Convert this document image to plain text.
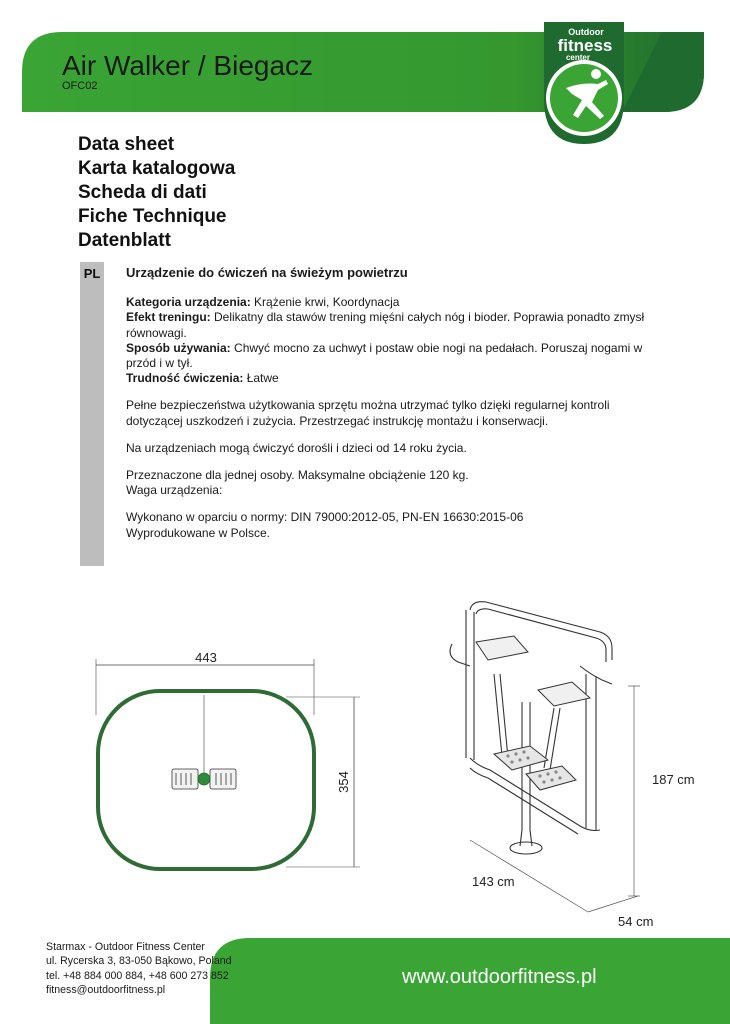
Air Walker / Biegacz
OFC02
Outdoor
fitness
center
Data sheet
Karta katalogowa
Scheda di dati
Fiche Technique
Datenblatt
PL Urządzenie do ćwiczeń na świeżym powietrzu

Kategoria urządzenia: Krążenie krwi, Koordynacja

Efekt treningu: Delikatny dla stawów trening mięśni całych nóg i bioder. Poprawia ponadto zmysł równowagi.

Sposób używania: Chwyć mocno za uchwyt i postaw obie nogi na pedałach. Poruszaj nogami w przód i w tył.

Trudność ćwiczenia: Łatwe

Pełne bezpieczeństwa użytkowania sprzętu można utrzymać tylko dzięki regularnej kontroli dotyczącej uszkodzeń i zużycia. Przestrzegać instrukcję montażu i konserwacji.

Na urządzeniach mogą ćwiczyć dorośli i dzieci od 14 roku życia.

Przeznaczone dla jednej osoby. Maksymalne obciążenie 120 kg.

Waga urządzenia:

Wykonano w oparciu o normy: DIN 79000:2012-05, PN-EN 16630:2015-06

Wyprodukowane w Polsce.

443
354	187 cm
143 cm
54 cm
Starmax - Outdoor Fitness Center
ul. Rycerska 3, 83-050 Bąkowo, Poland
tel. +48 884 000 884, +48 600 273 852
fitness@outdoorfitness.pl
www.outdoorfitness.pl
